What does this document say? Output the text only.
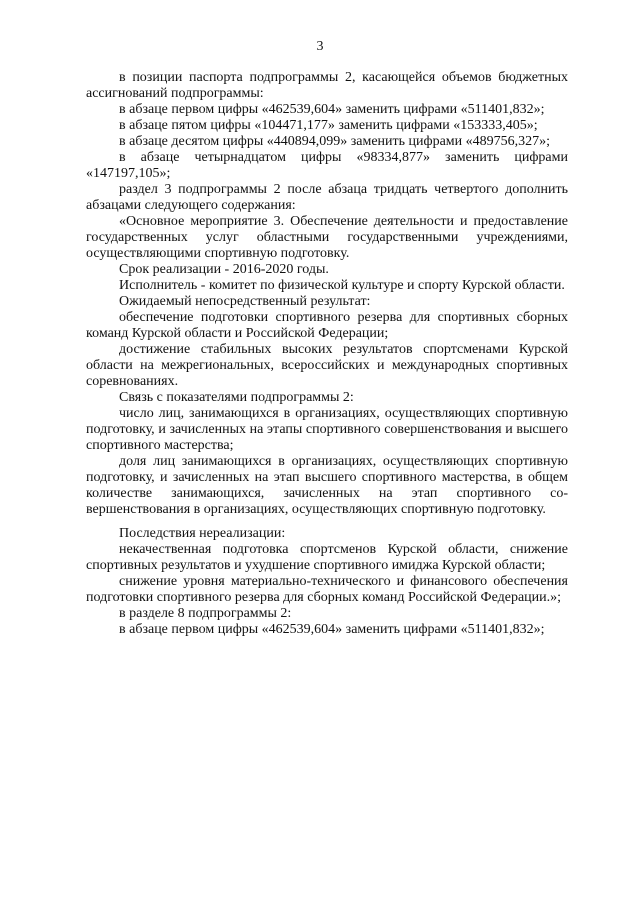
3

в позиции паспорта подпрограммы 2, касающейся объемов бюджетных ассигнований подпрограммы:

в абзаце первом цифры «462539,604» заменить цифрами «511401,832»;

в абзаце пятом цифры «104471,177» заменить цифрами «153333,405»;

в абзаце десятом цифры «440894,099» заменить цифрами «489756,327»;

в абзаце четырнадцатом цифры «98334,877» заменить цифрами «147197,105»;

раздел 3 подпрограммы 2 после абзаца тридцать четвертого дополнить абзацами следующего содержания:

«Основное мероприятие 3. Обеспечение деятельности и предоставление государственных услуг областными государственными учреждениями, осуществляющими спортивную подготовку.

Срок реализации - 2016-2020 годы.

Исполнитель - комитет по физической культуре и спорту Курской области.

Ожидаемый непосредственный результат:

обеспечение подготовки спортивного резерва для спортивных сборных команд Курской области и Российской Федерации;

достижение стабильных высоких результатов спортсменами Курской области на межрегиональных, всероссийских и международных спортивных соревнованиях.

Связь с показателями подпрограммы 2:

число лиц, занимающихся в организациях, осуществляющих спортивную подготовку, и зачисленных на этапы спортивного совершенствования и высшего спортивного мастерства;

доля лиц занимающихся в организациях, осуществляющих спортивную подготовку, и зачисленных на этап высшего спортивного мастерства, в общем количестве занимающихся, зачисленных на этап спортивного совершенствования в организациях, осуществляющих спортивную подготовку.

Последствия нереализации:

некачественная подготовка спортсменов Курской области, снижение спортивных результатов и ухудшение спортивного имиджа Курской области;

снижение уровня материально-технического и финансового обеспечения подготовки спортивного резерва для сборных команд Российской Федерации.»;

в разделе 8 подпрограммы 2:

в абзаце первом цифры «462539,604» заменить цифрами «511401,832»;
